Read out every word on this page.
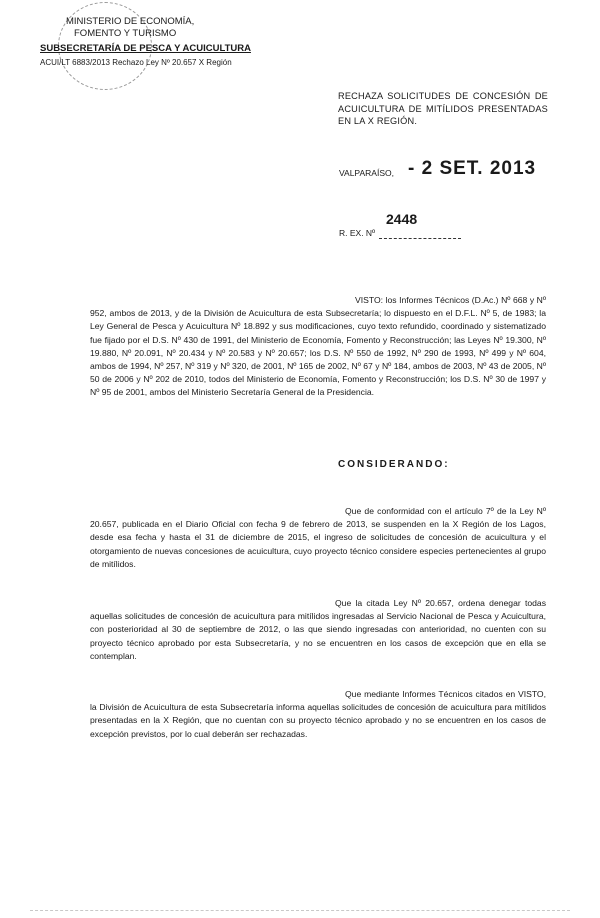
MINISTERIO DE ECONOMÍA,
FOMENTO Y TURISMO
SUBSECRETARÍA DE PESCA Y ACUICULTURA
ACUI/LT 6883/2013 Rechazo Ley Nº 20.657 X Región
RECHAZA SOLICITUDES DE CONCESIÓN DE ACUICULTURA DE MITÍLIDOS PRESENTADAS EN LA X REGIÓN.
VALPARAÍSO, - 2 SET. 2013
2448
R. EX. Nº
VISTO: los Informes Técnicos (D.Ac.) Nº 668 y Nº 952, ambos de 2013, y de la División de Acuicultura de esta Subsecretaría; lo dispuesto en el D.F.L. Nº 5, de 1983; la Ley General de Pesca y Acuicultura Nº 18.892 y sus modificaciones, cuyo texto refundido, coordinado y sistematizado fue fijado por el D.S. Nº 430 de 1991, del Ministerio de Economía, Fomento y Reconstrucción; las Leyes Nº 19.300, Nº 19.880, Nº 20.091, Nº 20.434 y Nº 20.583 y Nº 20.657; los D.S. Nº 550 de 1992, Nº 290 de 1993, Nº 499 y Nº 604, ambos de 1994, Nº 257, Nº 319 y Nº 320, de 2001, Nº 165 de 2002, Nº 67 y Nº 184, ambos de 2003, Nº 43 de 2005, Nº 50 de 2006 y Nº 202 de 2010, todos del Ministerio de Economía, Fomento y Reconstrucción; los D.S. Nº 30 de 1997 y Nº 95 de 2001, ambos del Ministerio Secretaría General de la Presidencia.
CONSIDERANDO:
Que de conformidad con el artículo 7º de la Ley Nº 20.657, publicada en el Diario Oficial con fecha 9 de febrero de 2013, se suspenden en la X Región de los Lagos, desde esa fecha y hasta el 31 de diciembre de 2015, el ingreso de solicitudes de concesión de acuicultura y el otorgamiento de nuevas concesiones de acuicultura, cuyo proyecto técnico considere especies pertenecientes al grupo de mitílidos.
Que la citada Ley Nº 20.657, ordena denegar todas aquellas solicitudes de concesión de acuicultura para mitílidos ingresadas al Servicio Nacional de Pesca y Acuicultura, con posterioridad al 30 de septiembre de 2012, o las que siendo ingresadas con anterioridad, no cuenten con su proyecto técnico aprobado por esta Subsecretaría, y no se encuentren en los casos de excepción que en ella se contemplan.
Que mediante Informes Técnicos citados en VISTO, la División de Acuicultura de esta Subsecretaría informa aquellas solicitudes de concesión de acuicultura para mitílidos presentadas en la X Región, que no cuentan con su proyecto técnico aprobado y no se encuentren en los casos de excepción previstos, por lo cual deberán ser rechazadas.
